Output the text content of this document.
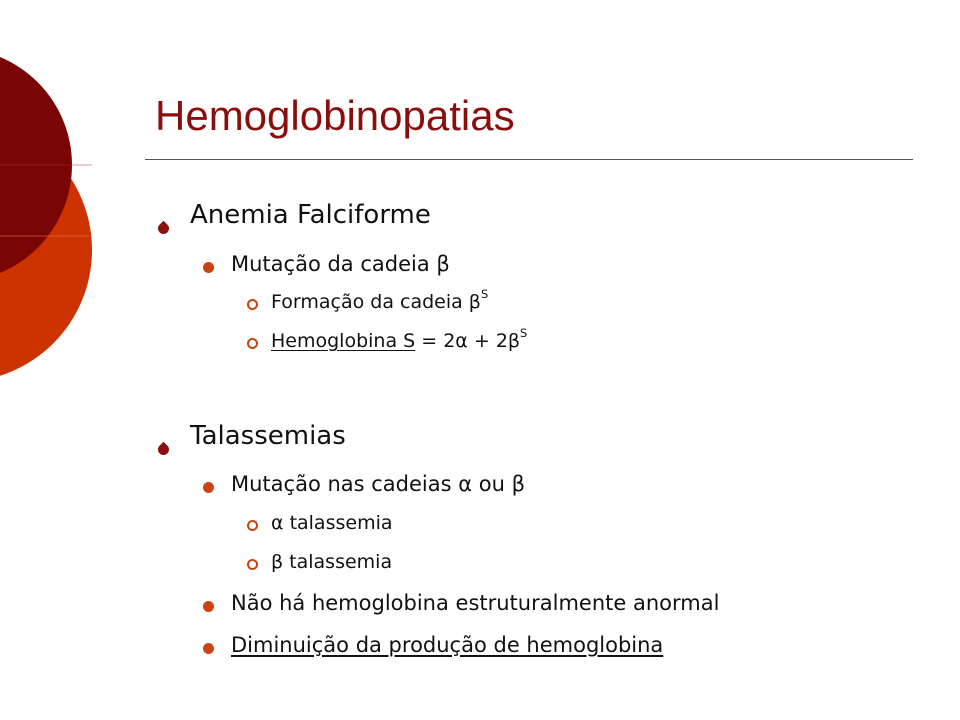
Hemoglobinopatias
Anemia Falciforme
Mutação da cadeia β
Formação da cadeia $\beta^S$
Hemoglobina $S = 2\alpha + 2\beta^S$
Talassemias
Mutação nas cadeias α ou β
α talassemia
β talassemia
Não há hemoglobina estruturalmente anormal
Diminuição da produção de hemoglobina
